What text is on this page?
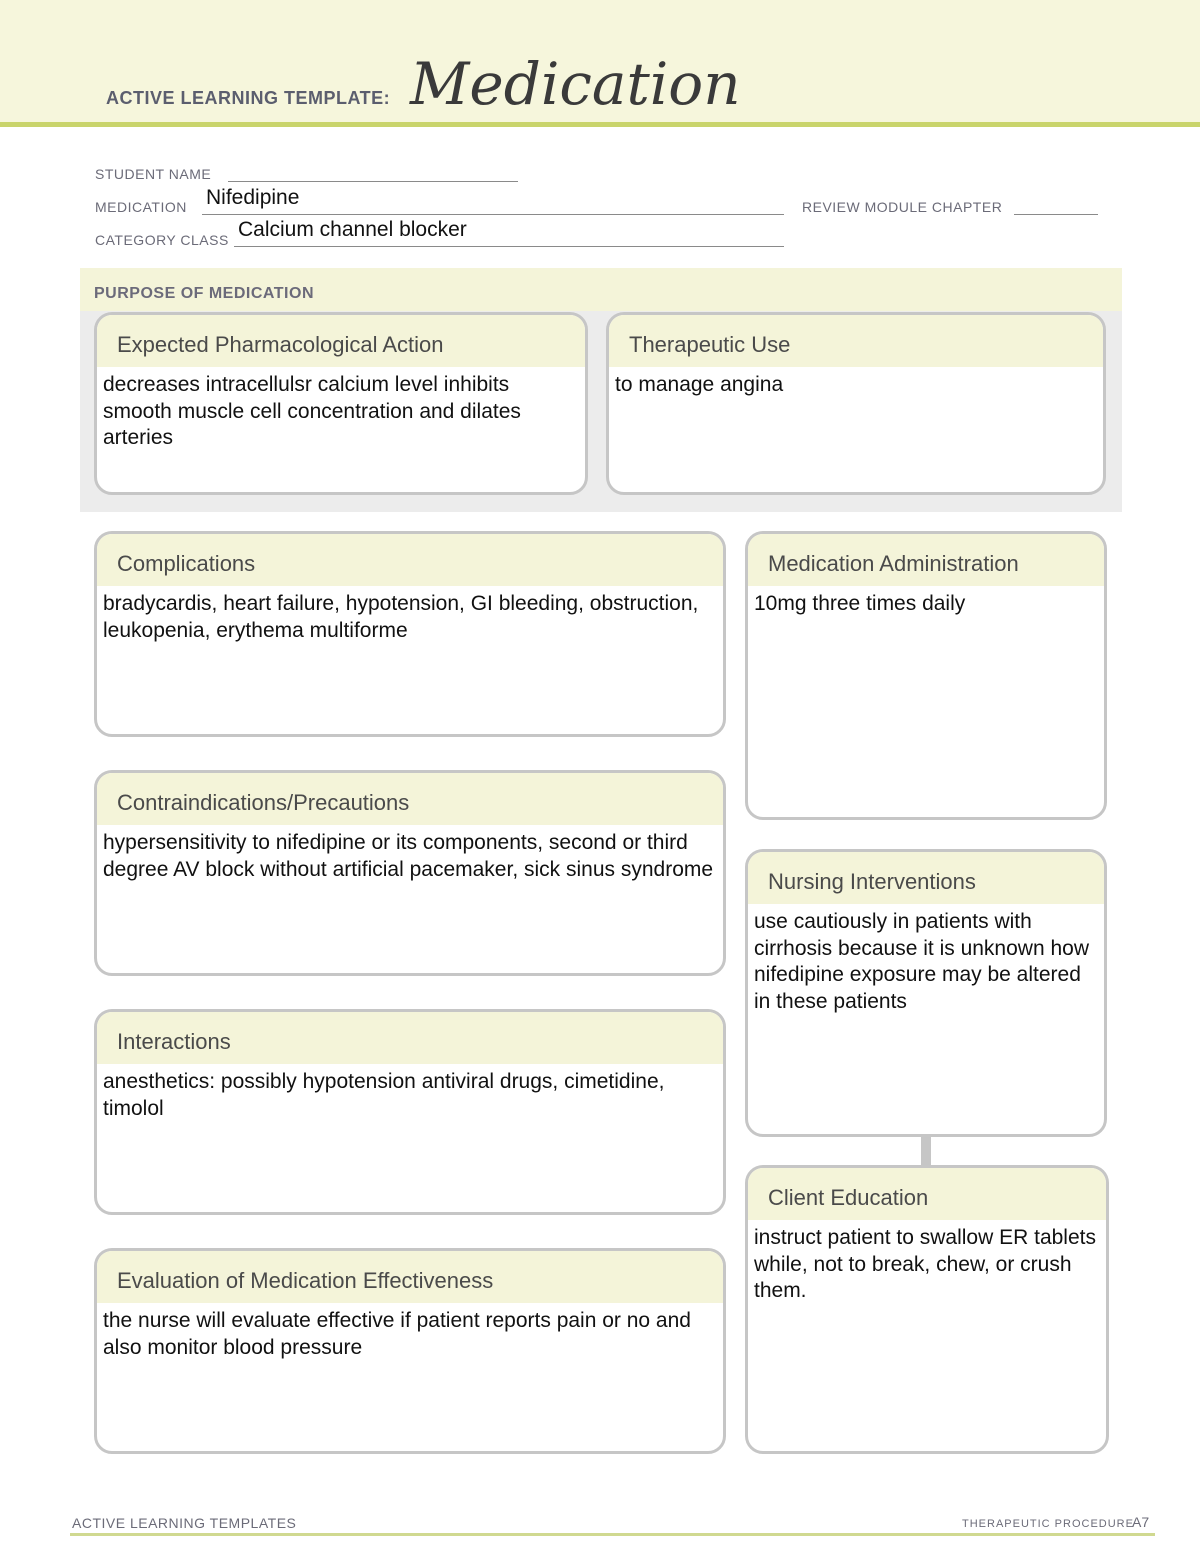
ACTIVE LEARNING TEMPLATE: Medication
STUDENT NAME
MEDICATION Nifedipine	REVIEW MODULE CHAPTER
CATEGORY CLASS Calcium channel blocker
PURPOSE OF MEDICATION
Expected Pharmacological Action
decreases intracellulsr calcium level inhibits smooth muscle cell concentration and dilates arteries
Therapeutic Use
to manage angina
Complications
bradycardis, heart failure, hypotension, GI bleeding, obstruction, leukopenia, erythema multiforme
Contraindications/Precautions
hypersensitivity to nifedipine or its components, second or third degree AV block without artificial pacemaker, sick sinus syndrome
Interactions
anesthetics: possibly hypotension antiviral drugs, cimetidine, timolol
Evaluation of Medication Effectiveness
the nurse will evaluate effective if patient reports pain or no and also monitor blood pressure
Medication Administration
10mg three times daily
Nursing Interventions
use cautiously in patients with cirrhosis because it is unknown how nifedipine exposure may be altered in these patients
Client Education
instruct patient to swallow ER tablets while, not to break, chew, or crush them.
ACTIVE LEARNING TEMPLATES	THERAPEUTIC PROCEDURE
A7
